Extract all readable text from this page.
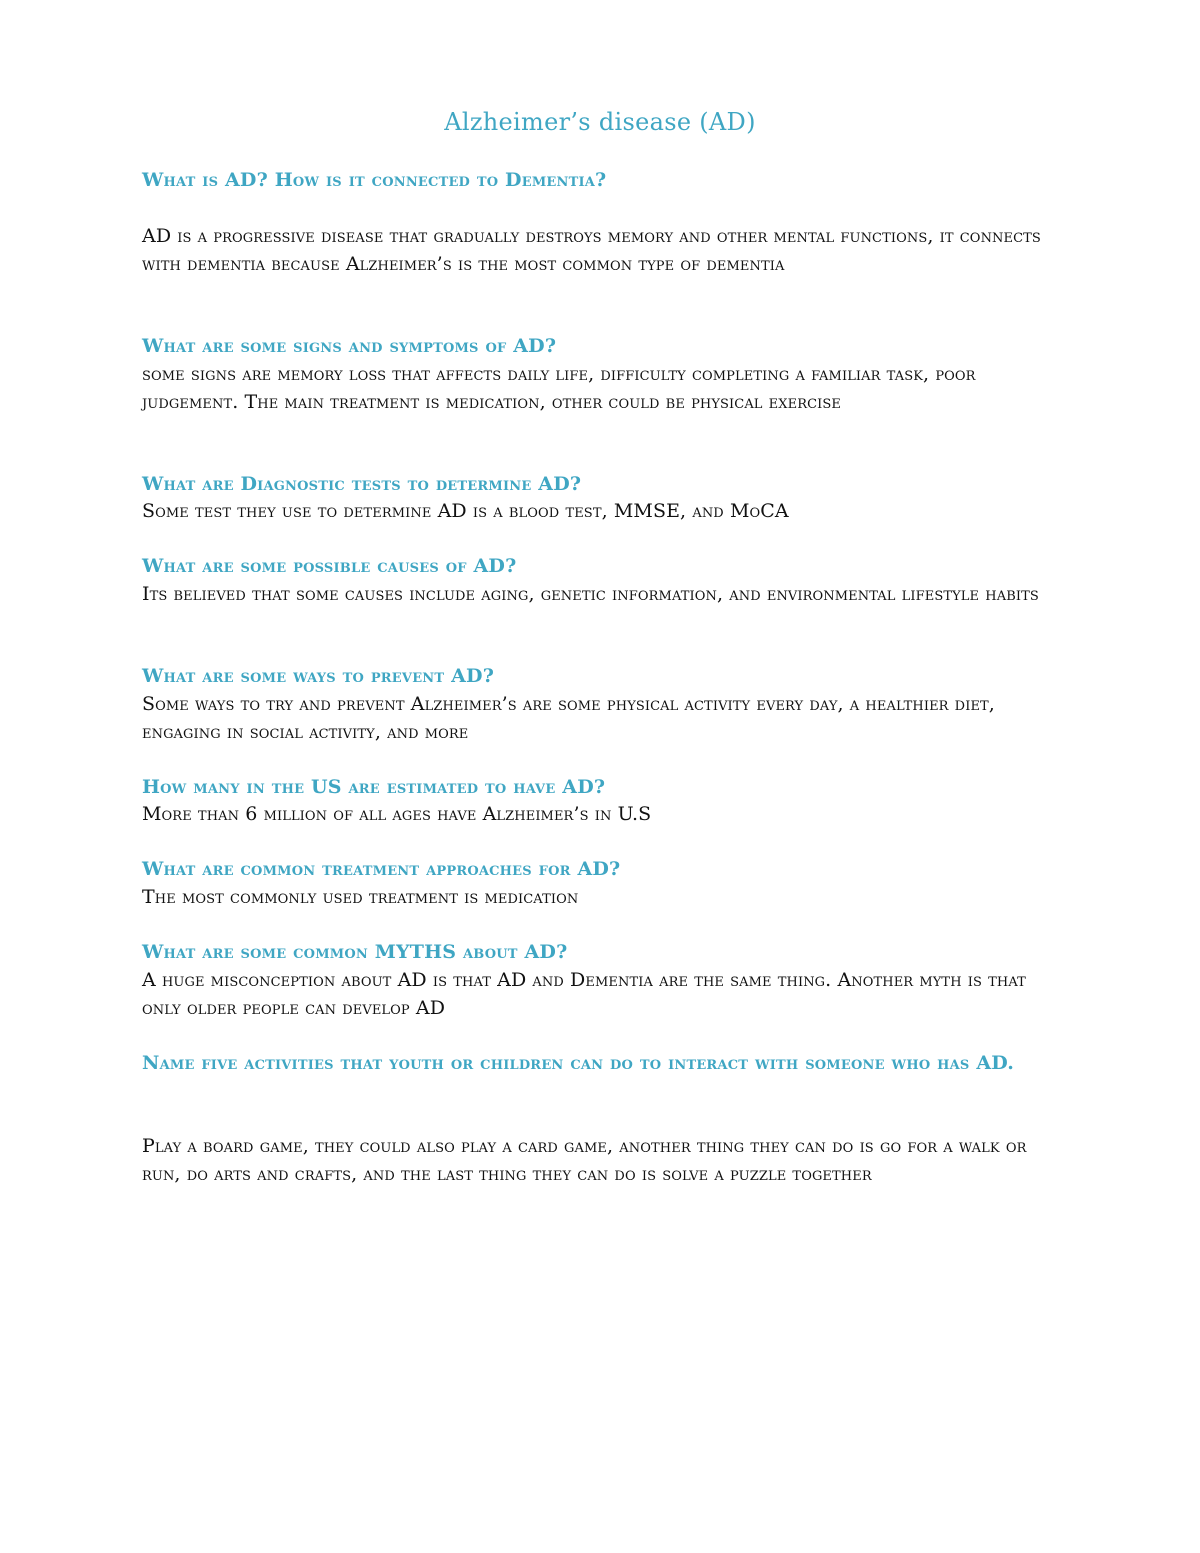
Alzheimer’s disease (AD)
What is AD? How is it connected to Dementia?
AD is a progressive disease that gradually destroys memory and other mental functions, it connects with dementia because Alzheimer’s is the most common type of dementia
What are some signs and symptoms of AD?
some signs are memory loss that affects daily life, difficulty completing a familiar task, poor judgement. The main treatment is medication, other could be physical exercise
What are Diagnostic tests to determine AD?
Some test they use to determine AD is a blood test, MMSE, and MoCA
What are some possible causes of AD?
Its believed that some causes include aging, genetic information, and environmental lifestyle habits
What are some ways to prevent AD?
Some ways to try and prevent Alzheimer’s are some physical activity every day, a healthier diet, engaging in social activity, and more
How many in the US are estimated to have AD?
More than 6 million of all ages have Alzheimer’s in U.S
What are common treatment approaches for AD?
The most commonly used treatment is medication
What are some common MYTHS about AD?
A huge misconception about AD is that AD and Dementia are the same thing. Another myth is that only older people can develop AD
Name five activities that youth or children can do to interact with someone who has AD.
Play a board game, they could also play a card game, another thing they can do is go for a walk or run, do arts and crafts, and the last thing they can do is solve a puzzle together
